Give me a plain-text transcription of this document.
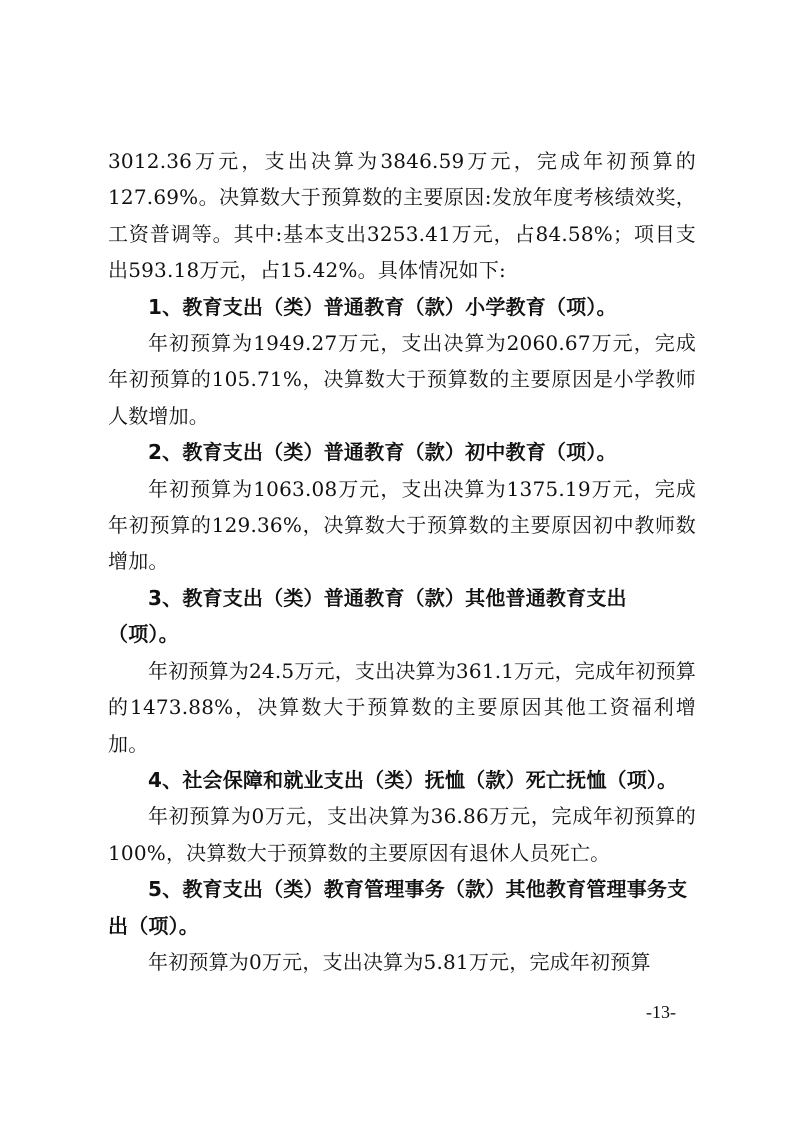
3012.36万元，支出决算为3846.59万元，完成年初预算的127.69%。决算数大于预算数的主要原因:发放年度考核绩效奖，工资普调等。其中:基本支出3253.41万元，占84.58%；项目支出593.18万元，占15.42%。具体情况如下:

1、教育支出（类）普通教育（款）小学教育（项）。

年初预算为1949.27万元，支出决算为2060.67万元，完成年初预算的105.71%，决算数大于预算数的主要原因是小学教师人数增加。

2、教育支出（类）普通教育（款）初中教育（项）。

年初预算为1063.08万元，支出决算为1375.19万元，完成年初预算的129.36%，决算数大于预算数的主要原因初中教师数增加。

3、教育支出（类）普通教育（款）其他普通教育支出（项）。

年初预算为24.5万元，支出决算为361.1万元，完成年初预算的1473.88%，决算数大于预算数的主要原因其他工资福利增加。

4、社会保障和就业支出（类）抚恤（款）死亡抚恤（项）。

年初预算为0万元，支出决算为36.86万元，完成年初预算的100%，决算数大于预算数的主要原因有退休人员死亡。

5、教育支出（类）教育管理事务（款）其他教育管理事务支出（项）。

年初预算为0万元，支出决算为5.81万元，完成年初预算

-13-
